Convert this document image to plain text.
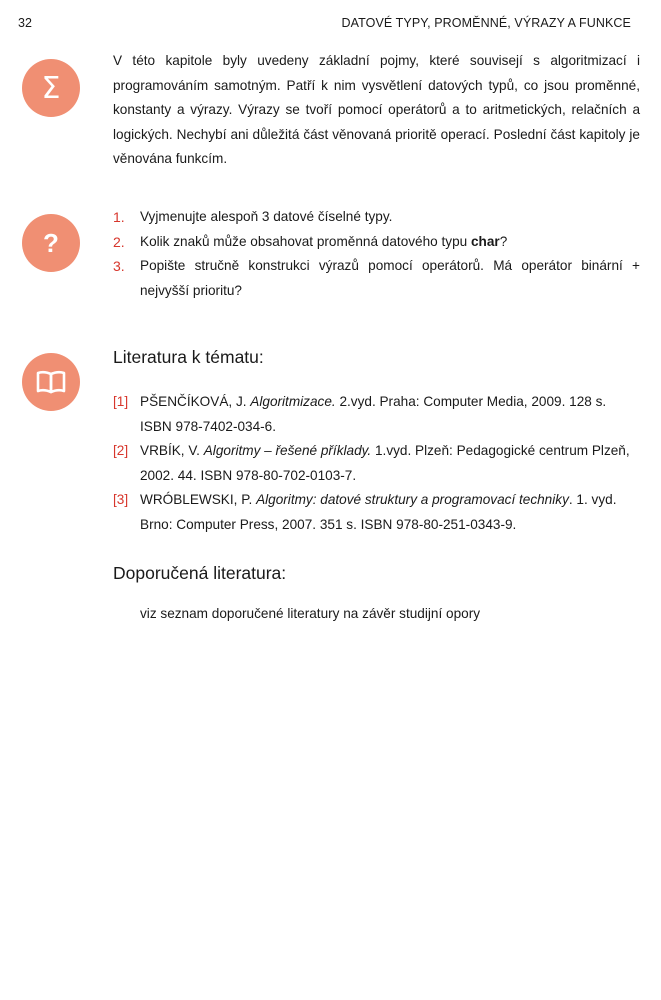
32	DATOVÉ TYPY, PROMĚNNÉ, VÝRAZY A FUNKCE
Σ

V této kapitole byly uvedeny základní pojmy, které souvisejí s algoritmizací i programováním samotným. Patří k nim vysvětlení datových typů, co jsou proměnné, konstanty a výrazy. Výrazy se tvoří pomocí operátorů a to aritmetických, relačních a logických. Nechybí ani důležitá část věnovaná prioritě operací. Poslední část kapitoly je věnována funkcím.

?
1. Vyjmenujte alespoň 3 datové číselné typy.
2. Kolik znaků může obsahovat proměnná datového typu char?
3. Popište stručně konstrukci výrazů pomocí operátorů. Má operátor binární + nejvyšší prioritu?
Literatura k tématu:
[1] PŠENČÍKOVÁ, J. Algoritmizace. 2.vyd. Praha: Computer Media, 2009. 128 s. ISBN 978-7402-034-6.
[2] VRBÍK, V. Algoritmy – řešené příklady. 1.vyd. Plzeň: Pedagogické centrum Plzeň, 2002. 44. ISBN 978-80-702-0103-7.
[3] WRÓBLEWSKI, P. Algoritmy: datové struktury a programovací techniky. 1. vyd. Brno: Computer Press, 2007. 351 s. ISBN 978-80-251-0343-9.
Doporučená literatura:
viz seznam doporučené literatury na závěr studijní opory
